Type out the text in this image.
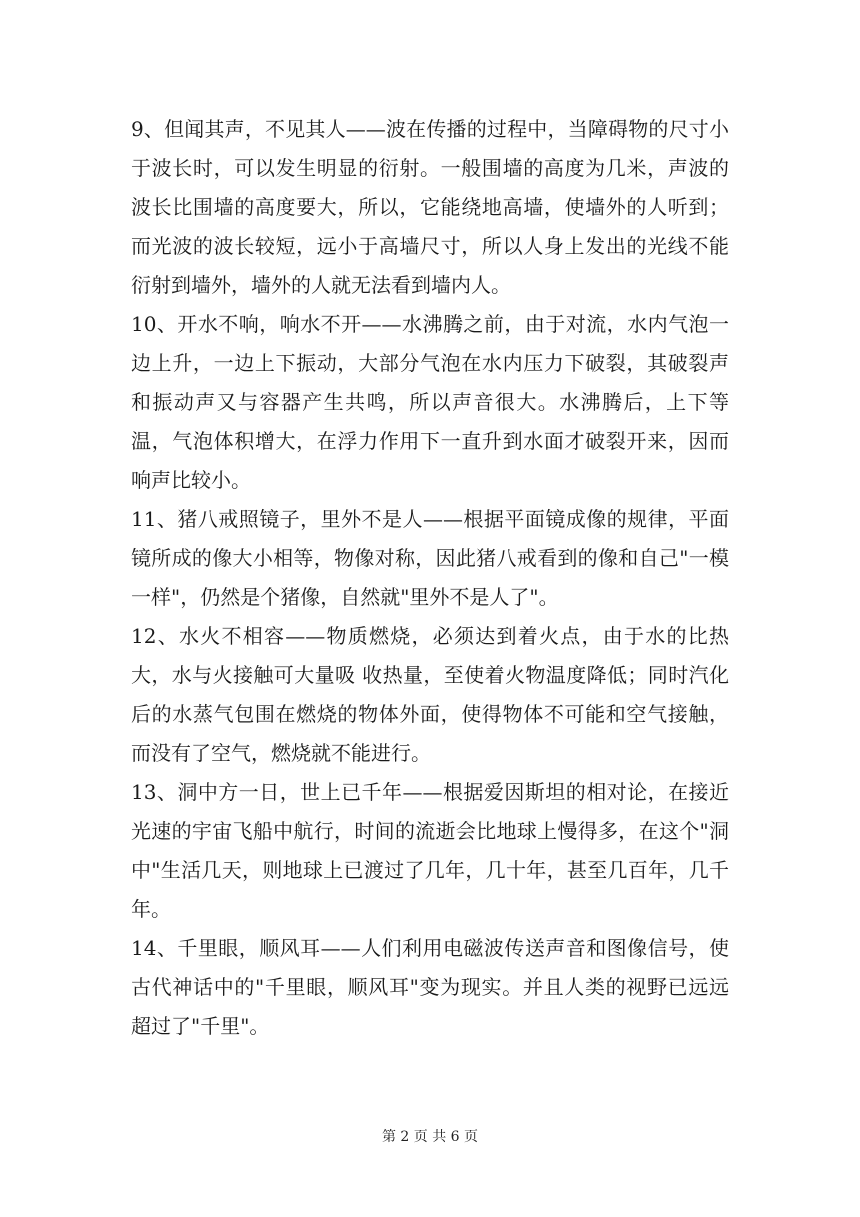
9、但闻其声，不见其人——波在传播的过程中，当障碍物的尺寸小于波长时，可以发生明显的衍射。一般围墙的高度为几米，声波的波长比围墙的高度要大，所以，它能绕地高墙，使墙外的人听到；而光波的波长较短，远小于高墙尺寸，所以人身上发出的光线不能衍射到墙外，墙外的人就无法看到墙内人。

10、开水不响，响水不开——水沸腾之前，由于对流，水内气泡一边上升，一边上下振动，大部分气泡在水内压力下破裂，其破裂声和振动声又与容器产生共鸣，所以声音很大。水沸腾后，上下等温，气泡体积增大，在浮力作用下一直升到水面才破裂开来，因而响声比较小。

11、猪八戒照镜子，里外不是人——根据平面镜成像的规律，平面镜所成的像大小相等，物像对称，因此猪八戒看到的像和自己"一模一样"，仍然是个猪像，自然就"里外不是人了"。

12、水火不相容——物质燃烧，必须达到着火点，由于水的比热大，水与火接触可大量吸 收热量，至使着火物温度降低；同时汽化后的水蒸气包围在燃烧的物体外面，使得物体不可能和空气接触，而没有了空气，燃烧就不能进行。

13、洞中方一日，世上已千年——根据爱因斯坦的相对论，在接近光速的宇宙飞船中航行，时间的流逝会比地球上慢得多，在这个"洞中"生活几天，则地球上已渡过了几年，几十年，甚至几百年，几千年。

14、千里眼，顺风耳——人们利用电磁波传送声音和图像信号，使古代神话中的"千里眼，顺风耳"变为现实。并且人类的视野已远远超过了"千里"。

第 2 页 共 6 页
